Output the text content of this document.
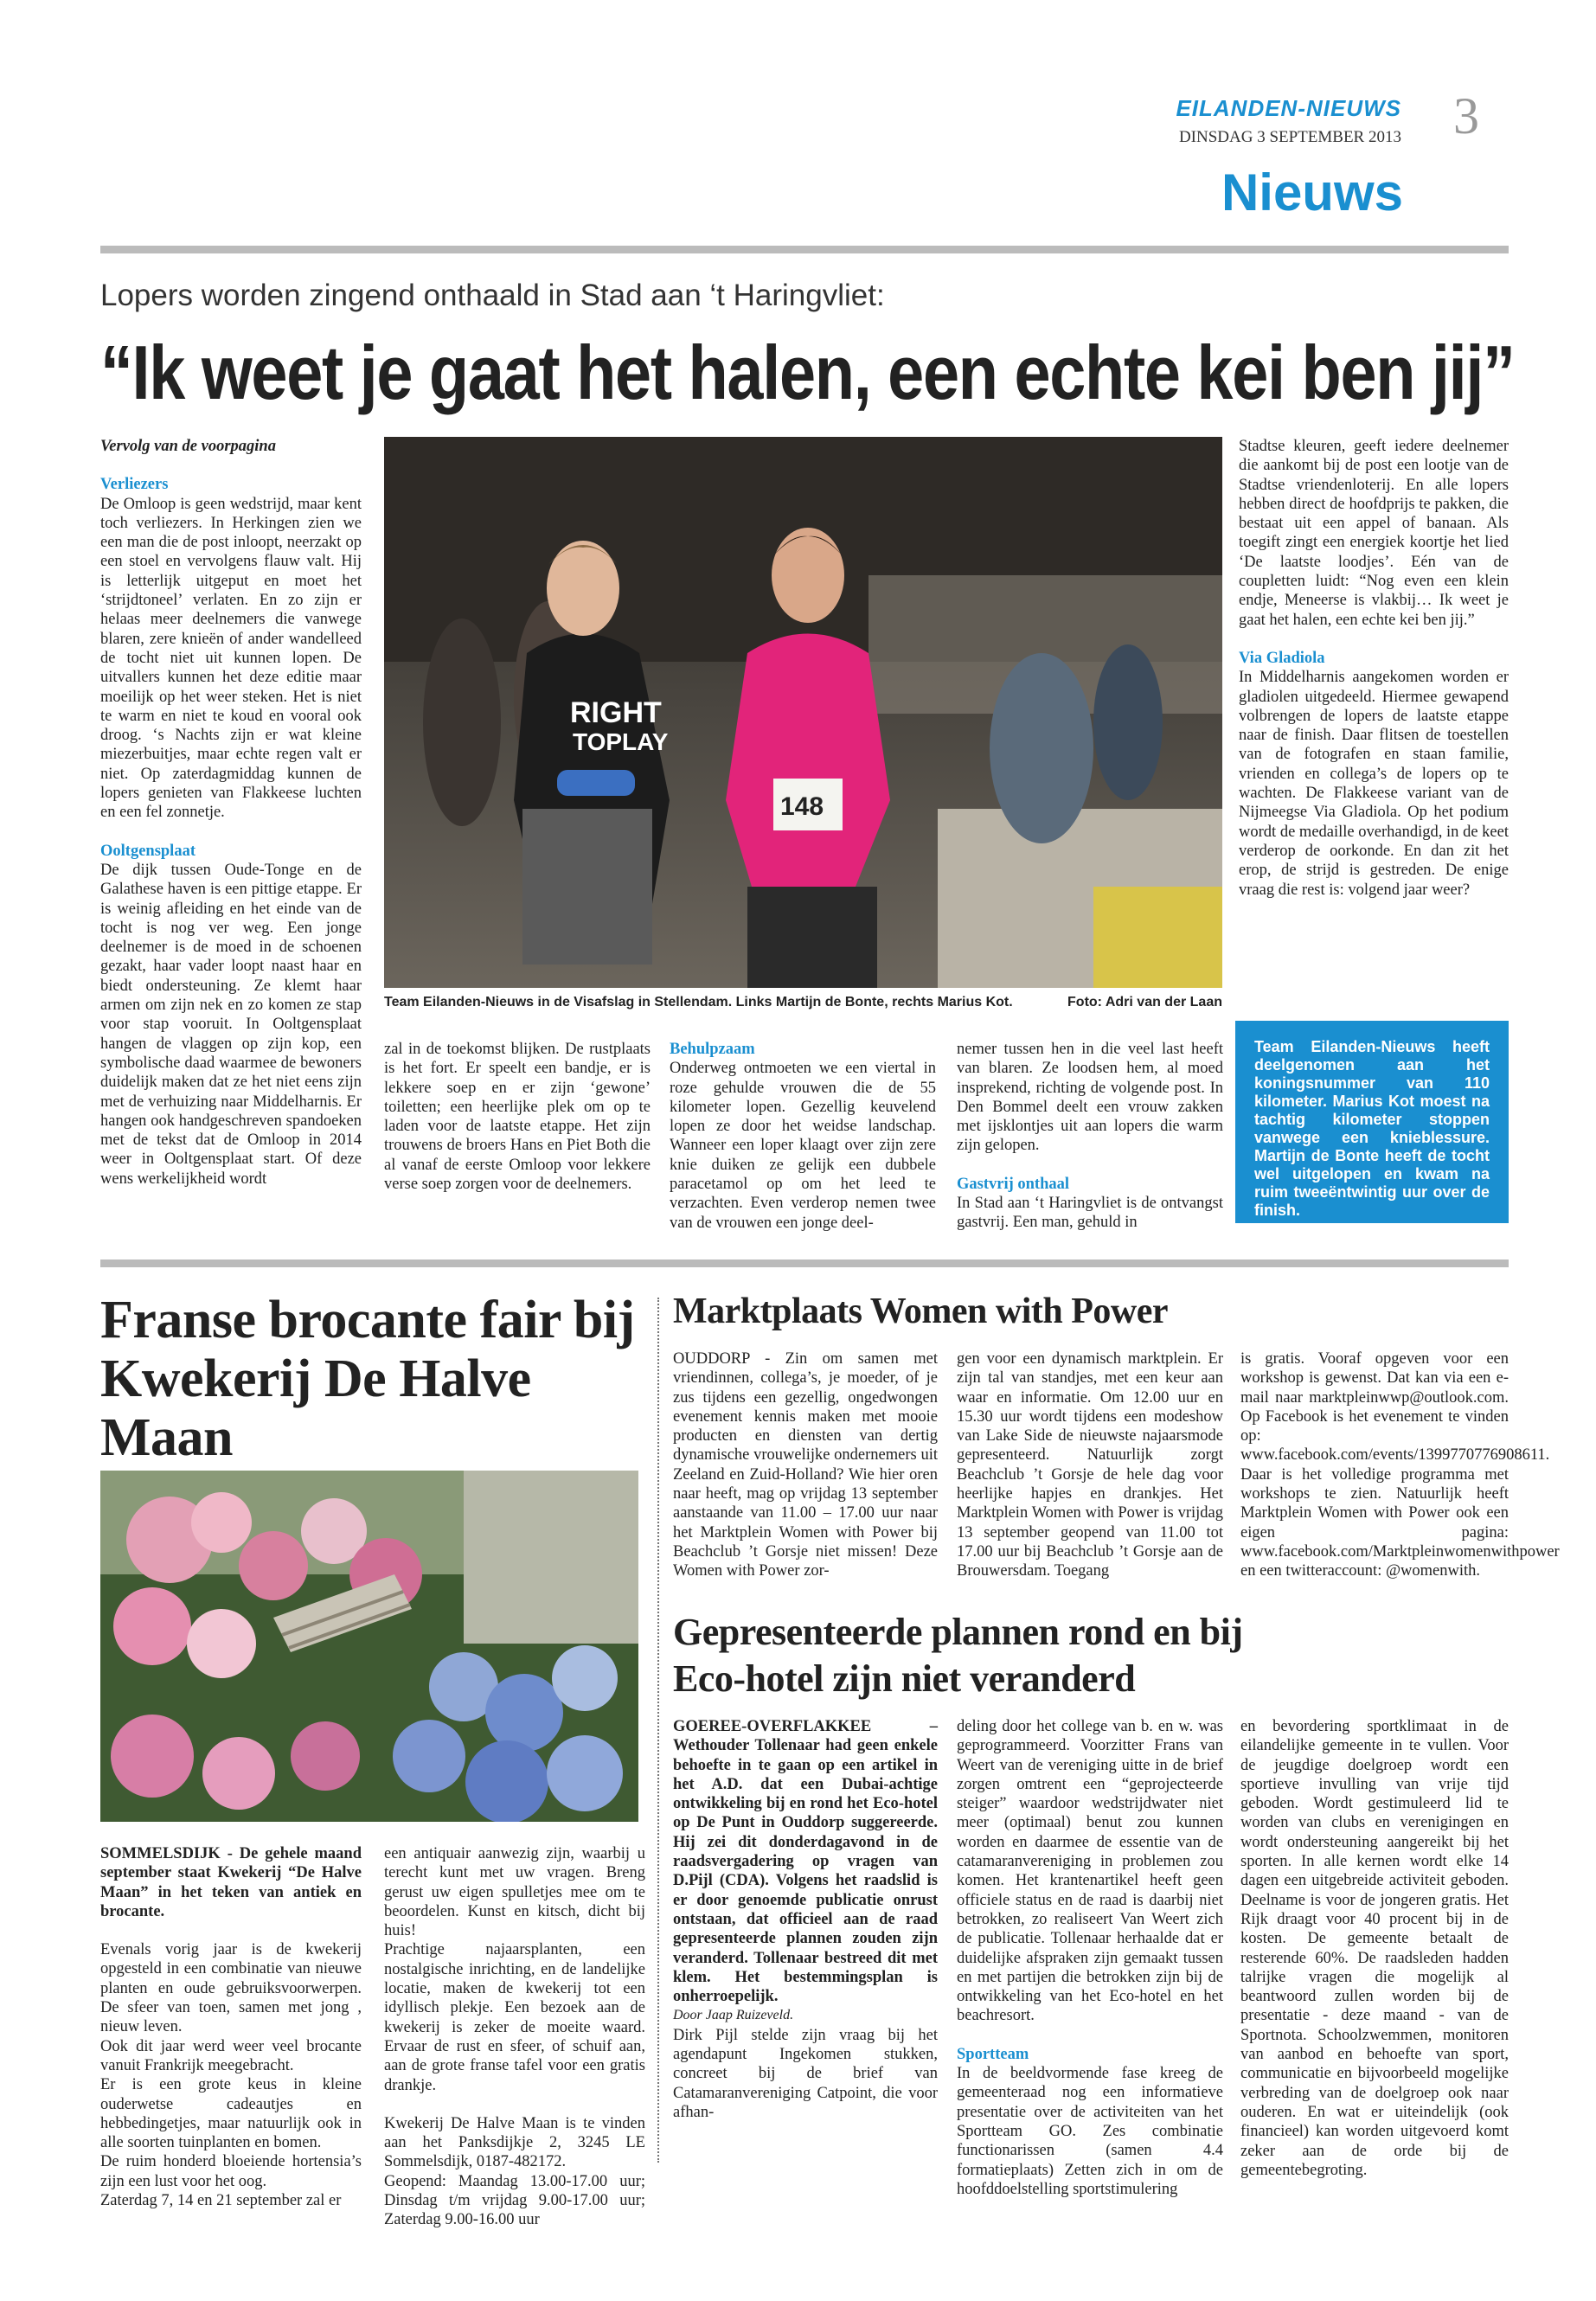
EILANDEN-NIEUWS
DINSDAG 3 SEPTEMBER 2013 3
Nieuws
Lopers worden zingend onthaald in Stad aan ‘t Haringvliet:
“Ik weet je gaat het halen, een echte kei ben jij”

Vervolg van de voorpagina

Verliezers

De Omloop is geen wedstrijd, maar kent toch verliezers. In Herkingen zien we een man die de post inloopt, neerzakt op een stoel en vervolgens flauw valt. Hij is letterlijk uitgeput en moet het ‘strijdtoneel’ verlaten. En zo zijn er helaas meer deelnemers die vanwege blaren, zere knieën of ander wandelleed de tocht niet uit kunnen lopen. De uitvallers kunnen het deze editie maar moeilijk op het weer steken. Het is niet te warm en niet te koud en vooral ook droog. ‘s Nachts zijn er wat kleine miezerbuitjes, maar echte regen valt er niet. Op zaterdagmiddag kunnen de lopers genieten van Flakkeese luchten en een fel zonnetje.

Ooltgensplaat

De dijk tussen Oude-Tonge en de Galathese haven is een pittige etappe. Er is weinig afleiding en het einde van de tocht is nog ver weg. Een jonge deelnemer is de moed in de schoenen gezakt, haar vader loopt naast haar en biedt ondersteuning. Ze klemt haar armen om zijn nek en zo komen ze stap voor stap vooruit. In Ooltgensplaat hangen de vlaggen op zijn kop, een symbolische daad waarmee de bewoners duidelijk maken dat ze het niet eens zijn met de verhuizing naar Middelharnis. Er hangen ook handgeschreven spandoeken met de tekst dat de Omloop in 2014 weer in Ooltgensplaat start. Of deze wens werkelijkheid wordt

RIGHT
TOPLAY
148
Team Eilanden-Nieuws in de Visafslag in Stellendam. Links Martijn de Bonte, rechts Marius Kot.	Foto: Adri van der Laan

zal in de toekomst blijken. De rustplaats is het fort. Er speelt een bandje, er is lekkere soep en er zijn ‘gewone’ toiletten; een heerlijke plek om op te laden voor de laatste etappe. Het zijn trouwens de broers Hans en Piet Both die al vanaf de eerste Omloop voor lekkere verse soep zorgen voor de deelnemers.

Behulpzaam

Onderweg ontmoeten we een viertal in roze gehulde vrouwen die de 55 kilometer lopen. Gezellig keuvelend lopen ze door het weidse landschap. Wanneer een loper klaagt over zijn zere knie duiken ze gelijk een dubbele paracetamol op om het leed te verzachten. Even verderop nemen twee van de vrouwen een jonge deel-

nemer tussen hen in die veel last heeft van blaren. Ze loodsen hem, al moed insprekend, richting de volgende post. In Den Bommel deelt een vrouw zakken met ijsklontjes uit aan lopers die warm zijn gelopen.

Gastvrij onthaal

In Stad aan ‘t Haringvliet is de ontvangst gastvrij. Een man, gehuld in

Stadtse kleuren, geeft iedere deelnemer die aankomt bij de post een lootje van de Stadtse vriendenloterij. En alle lopers hebben direct de hoofdprijs te pakken, die bestaat uit een appel of banaan. Als toegift zingt een energiek koortje het lied ‘De laatste loodjes’. Eén van de coupletten luidt: “Nog even een klein endje, Meneerse is vlakbij… Ik weet je gaat het halen, een echte kei ben jij.”

Via Gladiola

In Middelharnis aangekomen worden er gladiolen uitgedeeld. Hiermee gewapend volbrengen de lopers de laatste etappe naar de finish. Daar flitsen de toestellen van de fotografen en staan familie, vrienden en collega’s de lopers op te wachten. De Flakkeese variant van de Nijmeegse Via Gladiola. Op het podium wordt de medaille overhandigd, in de keet verderop de oorkonde. En dan zit het erop, de strijd is gestreden. De enige vraag die rest is: volgend jaar weer?

Team Eilanden-Nieuws heeft deelgenomen aan het koningsnummer van 110 kilometer. Marius Kot moest na tachtig kilometer stoppen vanwege een knieblessure. Martijn de Bonte heeft de tocht wel uitgelopen en kwam na ruim tweeëntwintig uur over de finish.
Franse brocante fair bij Kwekerij De Halve Maan

SOMMELSDIJK - De gehele maand september staat Kwekerij “De Halve Maan” in het teken van antiek en brocante.

Evenals vorig jaar is de kwekerij opgesteld in een combinatie van nieuwe planten en oude gebruiksvoorwerpen. De sfeer van toen, samen met jong , nieuw leven.
Ook dit jaar werd weer veel brocante vanuit Frankrijk meegebracht.
Er is een grote keus in kleine ouderwetse cadeautjes en hebbedingetjes, maar natuurlijk ook in alle soorten tuinplanten en bomen.
De ruim honderd bloeiende hortensia’s zijn een lust voor het oog.
Zaterdag 7, 14 en 21 september zal er

een antiquair aanwezig zijn, waarbij u terecht kunt met uw vragen. Breng gerust uw eigen spulletjes mee om te beoordelen. Kunst en kitsch, dicht bij huis!
Prachtige najaarsplanten, een nostalgische inrichting, en de landelijke locatie, maken de kwekerij tot een idyllisch plekje. Een bezoek aan de kwekerij is zeker de moeite waard. Ervaar de rust en sfeer, of schuif aan, aan de grote franse tafel voor een gratis drankje.

Kwekerij De Halve Maan is te vinden aan het Panksdijkje 2, 3245 LE Sommelsdijk, 0187-482172.
Geopend: Maandag 13.00-17.00 uur; Dinsdag t/m vrijdag 9.00-17.00 uur; Zaterdag 9.00-16.00 uur

Marktplaats Women with Power

OUDDORP - Zin om samen met vriendinnen, collega’s, je moeder, of je zus tijdens een gezellig, ongedwongen evenement kennis maken met mooie producten en diensten van dertig dynamische vrouwelijke ondernemers uit Zeeland en Zuid-Holland? Wie hier oren naar heeft, mag op vrijdag 13 september aanstaande van 11.00 – 17.00 uur naar het Marktplein Women with Power bij Beachclub ’t Gorsje niet missen! Deze Women with Power zor-

gen voor een dynamisch marktplein. Er zijn tal van standjes, met een keur aan waar en informatie. Om 12.00 uur en 15.30 uur wordt tijdens een modeshow van Lake Side de nieuwste najaarsmode gepresenteerd. Natuurlijk zorgt Beachclub ’t Gorsje de hele dag voor heerlijke hapjes en drankjes. Het Marktplein Women with Power is vrijdag 13 september geopend van 11.00 tot 17.00 uur bij Beachclub ’t Gorsje aan de Brouwersdam. Toegang

is gratis. Vooraf opgeven voor een workshop is gewenst. Dat kan via een e-mail naar marktpleinwwp@outlook.com. Op Facebook is het evenement te vinden op: www.facebook.com/events/1399770776908611. Daar is het volledige programma met workshops te zien. Natuurlijk heeft Marktplein Women with Power ook een eigen pagina: www.facebook.com/Marktpleinwomenwithpower en een twitteraccount: @womenwith.

Gepresenteerde plannen rond en bij Eco-hotel zijn niet veranderd

GOEREE-OVERFLAKKEE – Wethouder Tollenaar had geen enkele behoefte in te gaan op een artikel in het A.D. dat een Dubai-achtige ontwikkeling bij en rond het Eco-hotel op De Punt in Ouddorp suggereerde. Hij zei dit donderdagavond in de raadsvergadering op vragen van D.Pijl (CDA). Volgens het raadslid is er door genoemde publicatie onrust ontstaan, dat officieel aan de raad gepresenteerde plannen zouden zijn veranderd. Tollenaar bestreed dit met klem. Het bestemmingsplan is onherroepelijk.

Door Jaap Ruizeveld.

Dirk Pijl stelde zijn vraag bij het agendapunt Ingekomen stukken, concreet bij de brief van Catamaranvereniging Catpoint, die voor afhan-

deling door het college van b. en w. was geprogrammeerd. Voorzitter Frans van Weert van de vereniging uitte in de brief zorgen omtrent een “geprojecteerde steiger” waardoor wedstrijdwater niet meer (optimaal) benut zou kunnen worden en daarmee de essentie van de catamaranvereniging in problemen zou komen. Het krantenartikel heeft geen officiele status en de raad is daarbij niet betrokken, zo realiseert Van Weert zich de publicatie. Tollenaar herhaalde dat er duidelijke afspraken zijn gemaakt tussen en met partijen die betrokken zijn bij de ontwikkeling van het Eco-hotel en het beachresort.

Sportteam

In de beeldvormende fase kreeg de gemeenteraad nog een informatieve presentatie over de activiteiten van het Sportteam GO. Zes combinatie functionarissen (samen 4.4 formatieplaats) Zetten zich in om de hoofddoelstelling sportstimulering

en bevordering sportklimaat in de eilandelijke gemeente in te vullen. Voor de jeugdige doelgroep wordt een sportieve invulling van vrije tijd geboden. Wordt gestimuleerd lid te worden van clubs en verenigingen en wordt ondersteuning aangereikt bij het sporten. In alle kernen wordt elke 14 dagen een uitgebreide activiteit geboden. Deelname is voor de jongeren gratis. Het Rijk draagt voor 40 procent bij in de kosten. De gemeente betaalt de resterende 60%. De raadsleden hadden talrijke vragen die mogelijk al beantwoord zullen worden bij de presentatie - deze maand - van de Sportnota. Schoolzwemmen, monitoren van aanbod en behoefte van sport, communicatie en bijvoorbeeld mogelijke verbreding van de doelgroep ook naar ouderen. En wat er uiteindelijk (ook financieel) kan worden uitgevoerd komt zeker aan de orde bij de gemeentebegroting.
